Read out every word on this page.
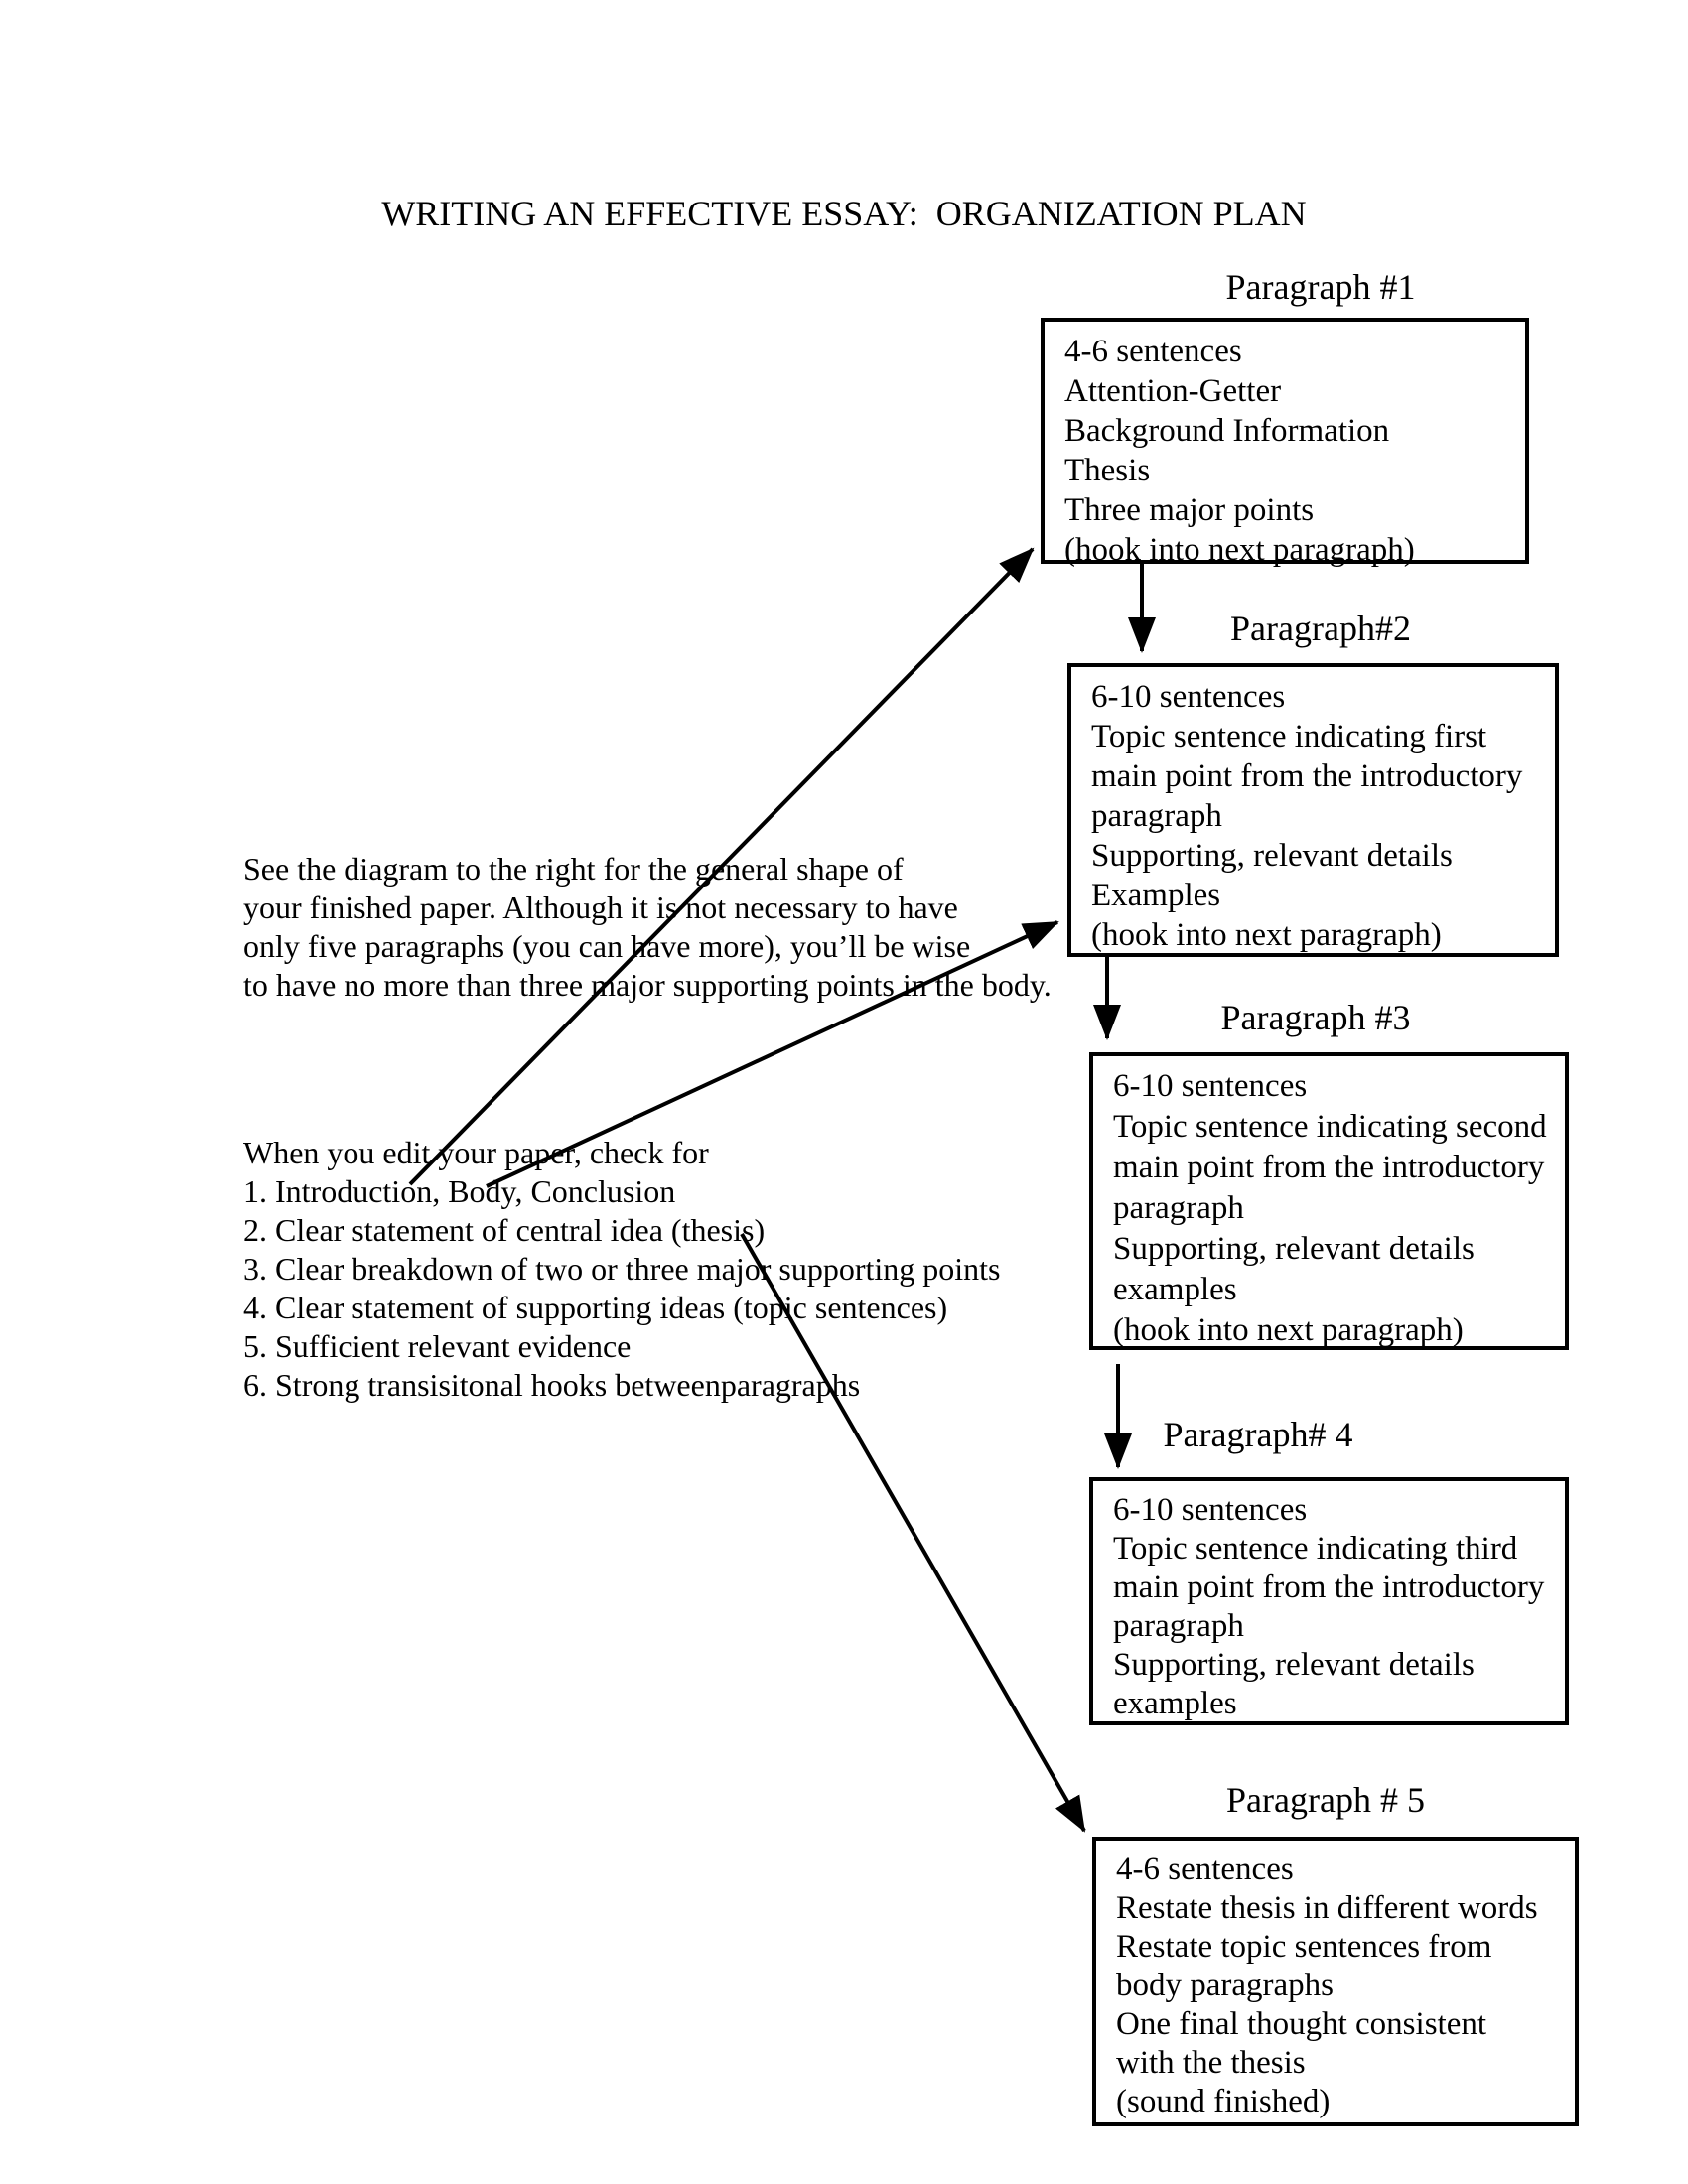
WRITING AN EFFECTIVE ESSAY:  ORGANIZATION PLAN
See the diagram to the right for the general shape of
your finished paper. Although it is not necessary to have
only five paragraphs (you can have more), you’ll be wise
to have no more than three major supporting points in the body.
When you edit your paper, check for
1. Introduction, Body, Conclusion
2. Clear statement of central idea (thesis)
3. Clear breakdown of two or three major supporting points
4. Clear statement of supporting ideas (topic sentences)
5. Sufficient relevant evidence
6. Strong transisitonal hooks betweenparagraphs
Paragraph #1
4-6 sentences
Attention-Getter
Background Information
Thesis
Three major points
(hook into next paragraph)
Paragraph#2
6-10 sentences
Topic sentence indicating first
main point from the introductory
paragraph
Supporting, relevant details
Examples
(hook into next paragraph)
Paragraph #3
6-10 sentences
Topic sentence indicating second
main point from the introductory
paragraph
Supporting, relevant details
examples
(hook into next paragraph)
Paragraph# 4
6-10 sentences
Topic sentence indicating third
main point from the introductory
paragraph
Supporting, relevant details
examples
Paragraph # 5
4-6 sentences
Restate thesis in different words
Restate topic sentences from
body paragraphs
One final thought consistent
with the thesis
(sound finished)
